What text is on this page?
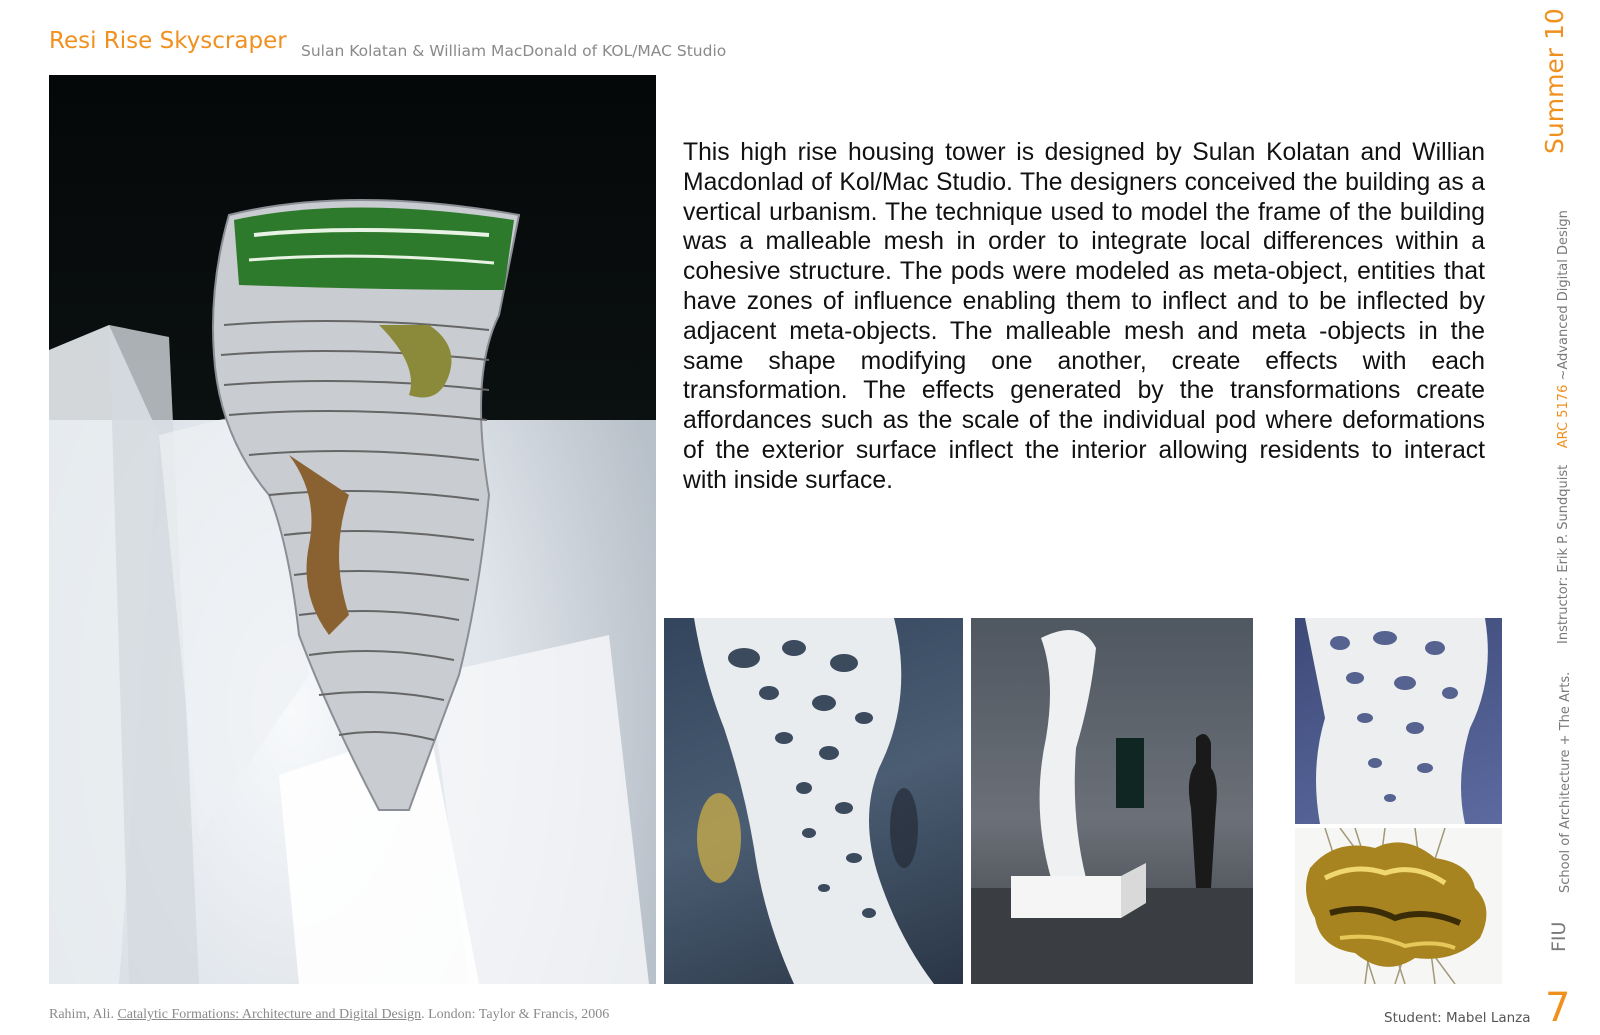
Resi Rise Skyscraper Sulan Kolatan & William MacDonald of KOL/MAC Studio
This high rise housing tower is designed by Sulan Kolatan and Willian Macdonlad of Kol/Mac Studio. The designers conceived the building as a vertical urbanism. The technique used to model the frame of the building was a malleable mesh in order to integrate local differences within a cohesive structure. The pods were modeled as meta-object, entities that have zones of influence enabling them to inflect and to be inflected by adjacent meta-objects. The malleable mesh and meta -objects in the same shape modifying one another, create effects with each transformation. The effects generated by the transformations create affordances such as the scale of the individual pod where deformations of the exterior surface inflect the interior allowing residents to interact with inside surface.
Summer 10
Instructor: Erik P. Sundquist    ARC 5176 ~Advanced Digital Design
School of Architecture + The Arts.
FIU
7
Student: Mabel Lanza
Rahim, Ali. Catalytic Formations: Architecture and Digital Design. London: Taylor & Francis, 2006
